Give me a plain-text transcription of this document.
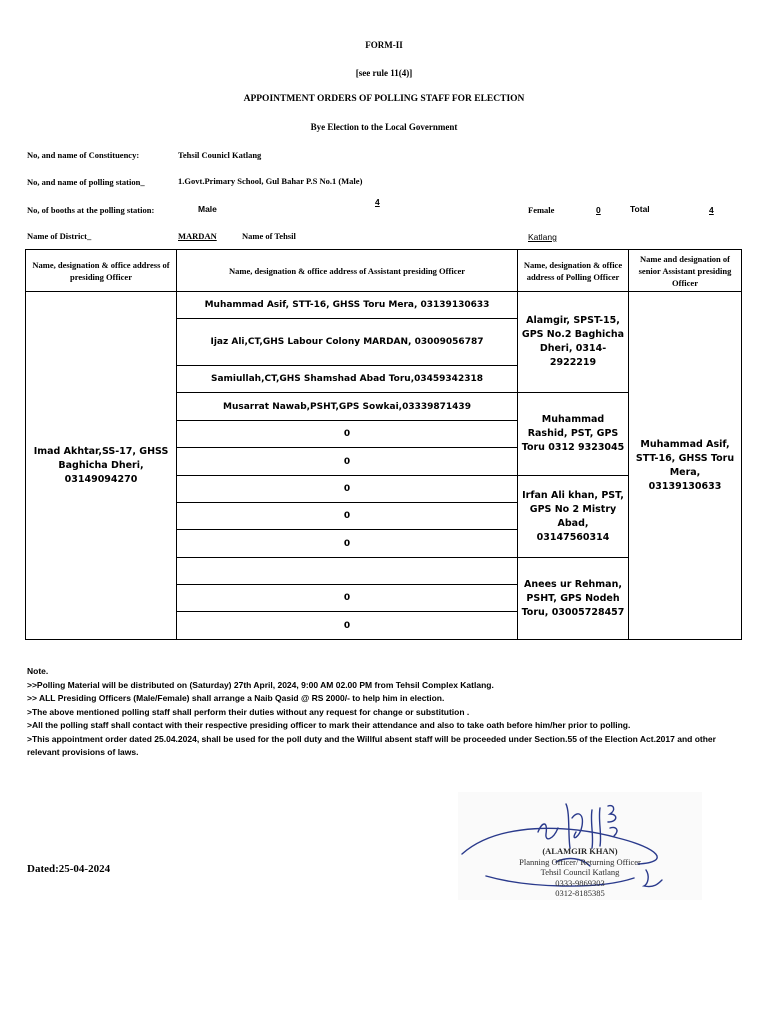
FORM-II
[see rule 11(4)]
APPOINTMENT ORDERS OF POLLING STAFF FOR ELECTION
Bye Election to the Local Government
No, and name of Constituency:	Tehsil Counicl Katlang
No, and name of polling station_	1.Govt.Primary School, Gul Bahar P.S No.1 (Male)
No, of booths at the polling station:	Male
4
Female	0	Total	4
Name of District_	MARDAN	Name of Tehsil	Katlang
Name, designation & office address of presiding Officer	Name, designation & office address of Assistant presiding Officer	Name, designation & office address of Polling Officer	Name and designation of senior Assistant presiding Officer
Imad Akhtar,SS-17, GHSS Baghicha Dheri, 03149094270	Muhammad Asif, STT-16, GHSS Toru Mera, 03139130633	Alamgir, SPST-15, GPS No.2 Baghicha Dheri, 0314-2922219	Muhammad Asif, STT-16, GHSS Toru Mera, 03139130633
	Ijaz Ali,CT,GHS Labour Colony MARDAN, 03009056787		
	Samiullah,CT,GHS Shamshad Abad Toru,03459342318		
	Musarrat Nawab,PSHT,GPS Sowkai,03339871439	Muhammad Rashid, PST, GPS Toru 0312 9323045	
	0		
	0		
	0	Irfan Ali khan, PST, GPS No 2 Mistry Abad, 03147560314	
	0		
	0		
		Anees ur Rehman, PSHT, GPS Nodeh Toru, 03005728457	
	0		
	0		

Note.

>>Polling Material will be distributed on (Saturday) 27th April, 2024, 9:00 AM 02.00 PM from Tehsil Complex Katlang.

>> ALL Presiding Officers (Male/Female) shall arrange a Naib Qasid @ RS 2000/- to help him in election.

>The above mentioned polling staff shall perform their duties without any request for change or substitution .

>All the polling staff shall contact with their respective presiding officer to mark their attendance and also to take oath before him/her prior to polling.

>This appointment order dated 25.04.2024, shall be used for the poll duty and the Willful absent staff will be proceeded under Section.55 of the Election Act.2017 and other relevant provisions of laws.

Dated:25-04-2024
(ALAMGIR KHAN)
Planning Officer/ Returning Officer
Tehsil Council Katlang
0333-9869303
0312-8185385
